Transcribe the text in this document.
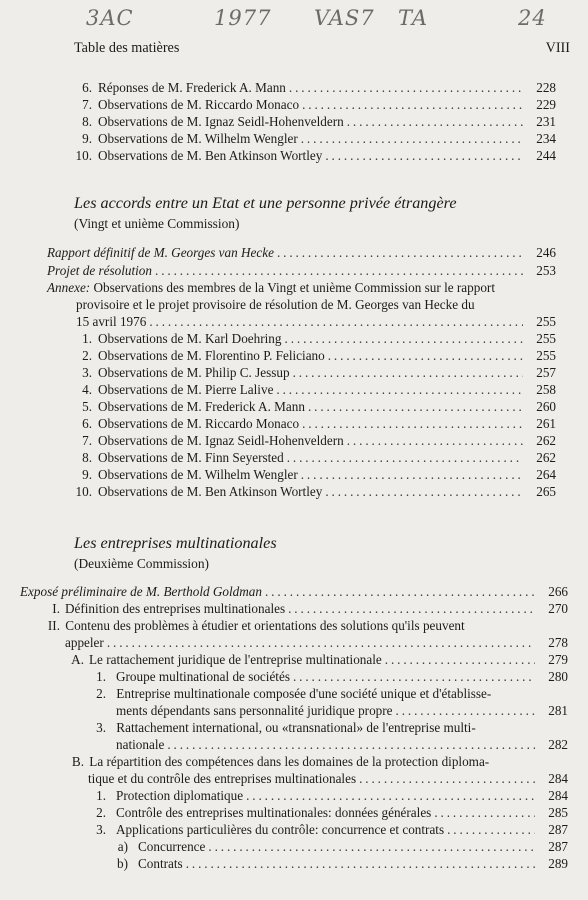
3AC	1977 VAS7 TA	24
Table des matières	VIII
6. Réponses de M. Frederick A. Mann . . .	228
7. Observations de M. Riccardo Monaco . . .	229
8. Observations de M. Ignaz Seidl-Hohenveldern . . .	231
9. Observations de M. Wilhelm Wengler . . .	234
10. Observations de M. Ben Atkinson Wortley . . .	244
Les accords entre un Etat et une personne privée étrangère
(Vingt et unième Commission)
Rapport définitif de M. Georges van Hecke . . .	246
Projet de résolution . . .	253
Annexe: Observations des membres de la Vingt et unième Commission sur le rapport
provisoire et le projet provisoire de résolution de M. Georges van Hecke du
15 avril 1976 . . .	255
1. Observations de M. Karl Doehring . . .	255
2. Observations de M. Florentino P. Feliciano . . .	255
3. Observations de M. Philip C. Jessup . . .	257
4. Observations de M. Pierre Lalive . . .	258
5. Observations de M. Frederick A. Mann . . .	260
6. Observations de M. Riccardo Monaco . . .	261
7. Observations de M. Ignaz Seidl-Hohenveldern . . .	262
8. Observations de M. Finn Seyersted . . .	262
9. Observations de M. Wilhelm Wengler . . .	264
10. Observations de M. Ben Atkinson Wortley . . .	265
Les entreprises multinationales
(Deuxième Commission)
Exposé préliminaire de M. Berthold Goldman . . .	266
I. Définition des entreprises multinationales . . .	270
II. Contenu des problèmes à étudier et orientations des solutions qu'ils peuvent
appeler . . .	278
A. Le rattachement juridique de l'entreprise multinationale . . .	279
1. Groupe multinational de sociétés . . .	280
2. Entreprise multinationale composée d'une société unique et d'établisse-
ments dépendants sans personnalité juridique propre . . .	281
3. Rattachement international, ou «transnational» de l'entreprise multi-
nationale . . .	282
B. La répartition des compétences dans les domaines de la protection diploma-
tique et du contrôle des entreprises multinationales . . .	284
1. Protection diplomatique . . .	284
2. Contrôle des entreprises multinationales: données générales . . .	285
3. Applications particulières du contrôle: concurrence et contrats . . .	287
a) Concurrence . . .	287
b) Contrats . . .	289
